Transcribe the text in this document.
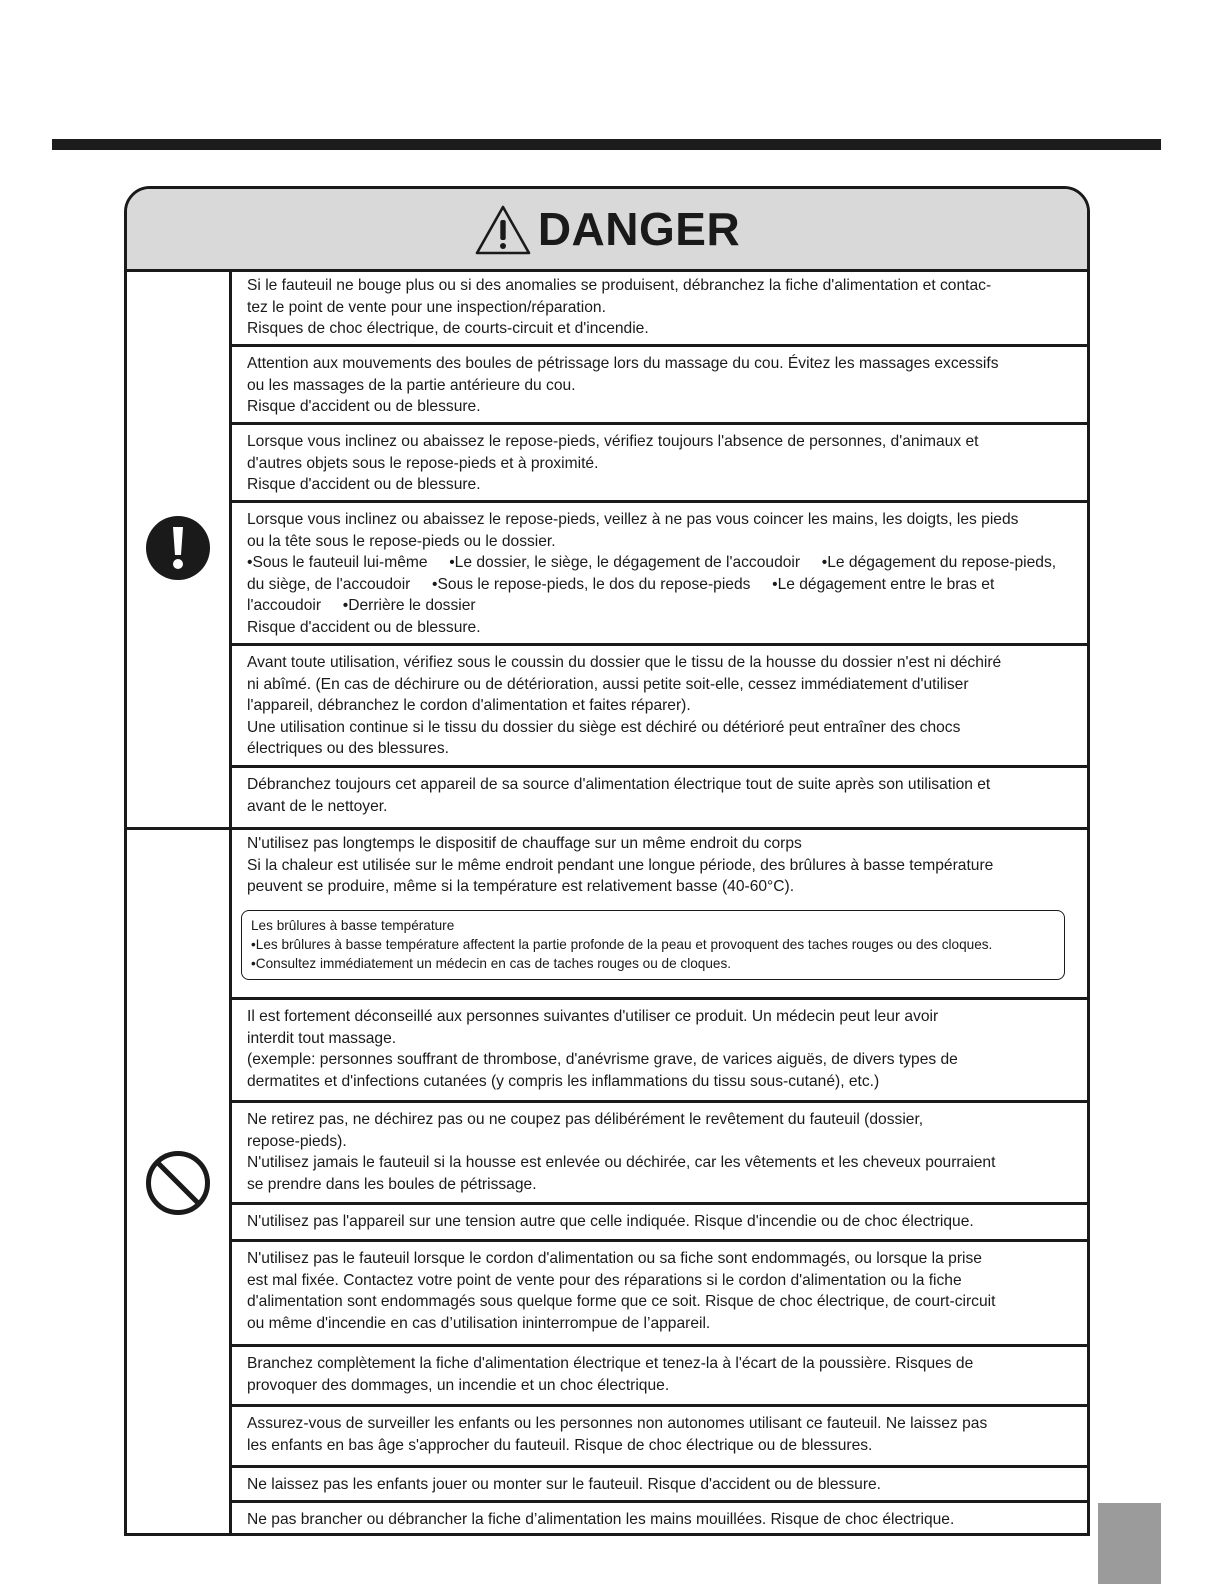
DANGER

Si le fauteuil ne bouge plus ou si des anomalies se produisent, débranchez la fiche d'alimentation et contac-

tez le point de vente pour une inspection/réparation.

Risques de choc électrique, de courts-circuit et d'incendie.

Attention aux mouvements des boules de pétrissage lors du massage du cou. Évitez les massages excessifs

ou les massages de la partie antérieure du cou.

Risque d'accident ou de blessure.

Lorsque vous inclinez ou abaissez le repose-pieds, vérifiez toujours l'absence de personnes, d'animaux et

d'autres objets sous le repose-pieds et à proximité.

Risque d'accident ou de blessure.

Lorsque vous inclinez ou abaissez le repose-pieds, veillez à ne pas vous coincer les mains, les doigts, les pieds

ou la tête sous le repose-pieds ou le dossier.

•Sous le fauteuil lui-même •Le dossier, le siège, le dégagement de l'accoudoir •Le dégagement du repose-pieds, du siège, de l'accoudoir •Sous le repose-pieds, le dos du repose-pieds •Le dégagement entre le bras et l'accoudoir •Derrière le dossier

Risque d'accident ou de blessure.

Avant toute utilisation, vérifiez sous le coussin du dossier que le tissu de la housse du dossier n'est ni déchiré

ni abîmé. (En cas de déchirure ou de détérioration, aussi petite soit-elle, cessez immédiatement d'utiliser

l'appareil, débranchez le cordon d'alimentation et faites réparer).

Une utilisation continue si le tissu du dossier du siège est déchiré ou détérioré peut entraîner des chocs

électriques ou des blessures.

Débranchez toujours cet appareil de sa source d'alimentation électrique tout de suite après son utilisation et

avant de le nettoyer.

N'utilisez pas longtemps le dispositif de chauffage sur un même endroit du corps

Si la chaleur est utilisée sur le même endroit pendant une longue période, des brûlures à basse température

peuvent se produire, même si la température est relativement basse (40-60°C).

Les brûlures à basse température

•Les brûlures à basse température affectent la partie profonde de la peau et provoquent des taches rouges ou des cloques.

•Consultez immédiatement un médecin en cas de taches rouges ou de cloques.

Il est fortement déconseillé aux personnes suivantes d'utiliser ce produit. Un médecin peut leur avoir

interdit tout massage.

(exemple: personnes souffrant de thrombose, d'anévrisme grave, de varices aiguës, de divers types de

dermatites et d'infections cutanées (y compris les inflammations du tissu sous-cutané), etc.)

Ne retirez pas, ne déchirez pas ou ne coupez pas délibérément le revêtement du fauteuil (dossier,

repose-pieds).

N'utilisez jamais le fauteuil si la housse est enlevée ou déchirée, car les vêtements et les cheveux pourraient

se prendre dans les boules de pétrissage.

N'utilisez pas l'appareil sur une tension autre que celle indiquée. Risque d'incendie ou de choc électrique.

N'utilisez pas le fauteuil lorsque le cordon d'alimentation ou sa fiche sont endommagés, ou lorsque la prise

est mal fixée. Contactez votre point de vente pour des réparations si le cordon d'alimentation ou la fiche

d'alimentation sont endommagés sous quelque forme que ce soit. Risque de choc électrique, de court-circuit

ou même d'incendie en cas d’utilisation ininterrompue de l’appareil.

Branchez complètement la fiche d'alimentation électrique et tenez-la à l'écart de la poussière. Risques de

provoquer des dommages, un incendie et un choc électrique.

Assurez-vous de surveiller les enfants ou les personnes non autonomes utilisant ce fauteuil. Ne laissez pas

les enfants en bas âge s'approcher du fauteuil. Risque de choc électrique ou de blessures.

Ne laissez pas les enfants jouer ou monter sur le fauteuil. Risque d'accident ou de blessure.

Ne pas brancher ou débrancher la fiche d’alimentation les mains mouillées. Risque de choc électrique.
